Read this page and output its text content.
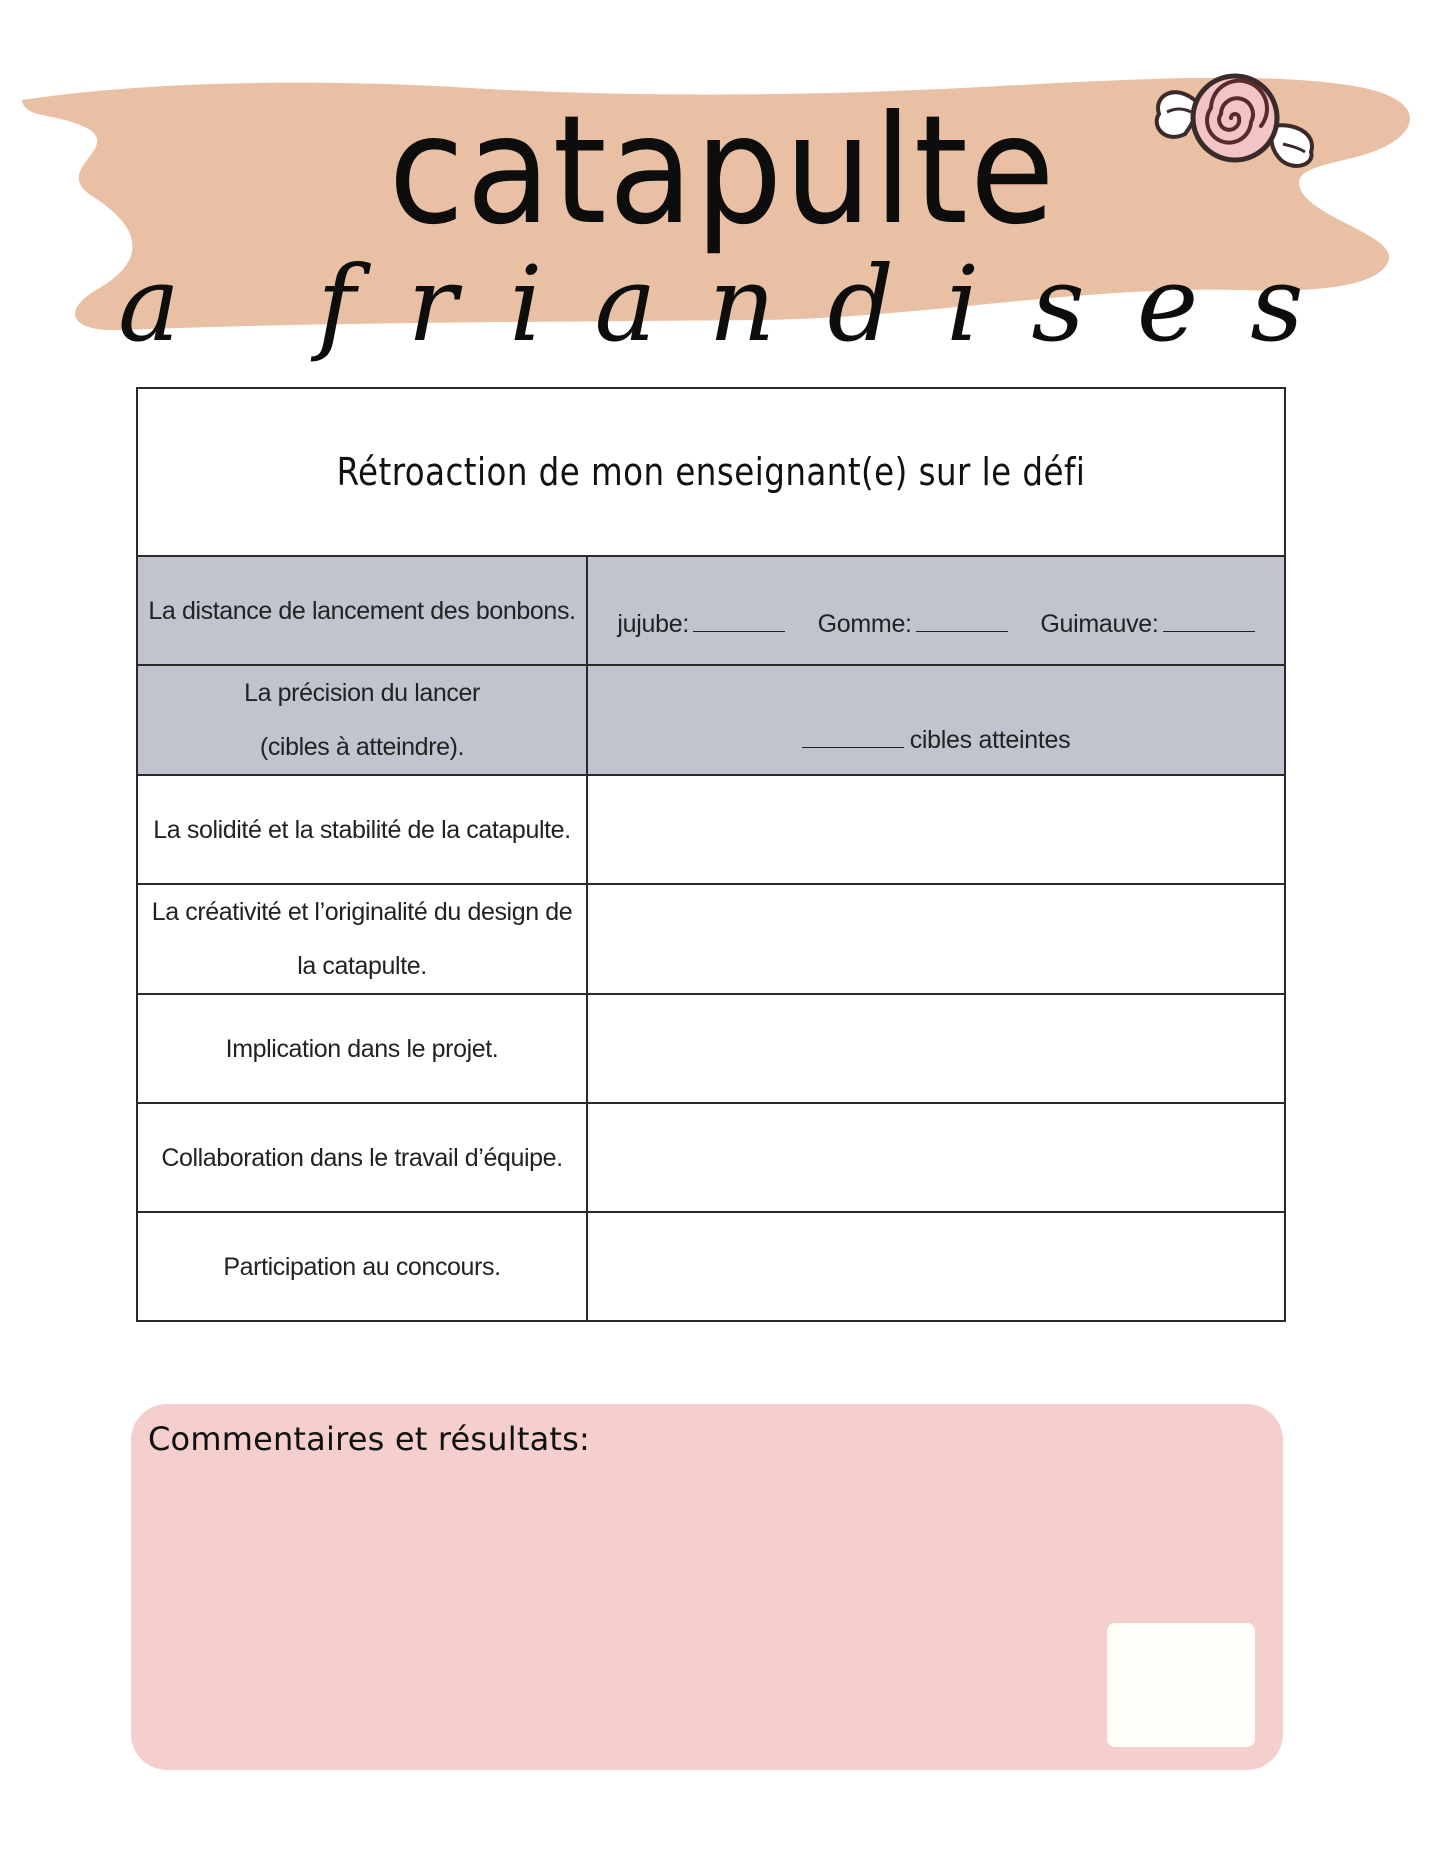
catapulte
a friandises
Rétroaction de mon enseignant(e) sur le défi	
La distance de lancement des bonbons.	jujube: Gomme: Guimauve:

La précision du lancer
(cibles à atteindre).	cibles atteintes

La solidité et la stabilité de la catapulte.	
La créativité et l’originalité du design de
la catapulte.	
Implication dans le projet.	
Collaboration dans le travail d’équipe.	
Participation au concours.	
Commentaires et résultats:
